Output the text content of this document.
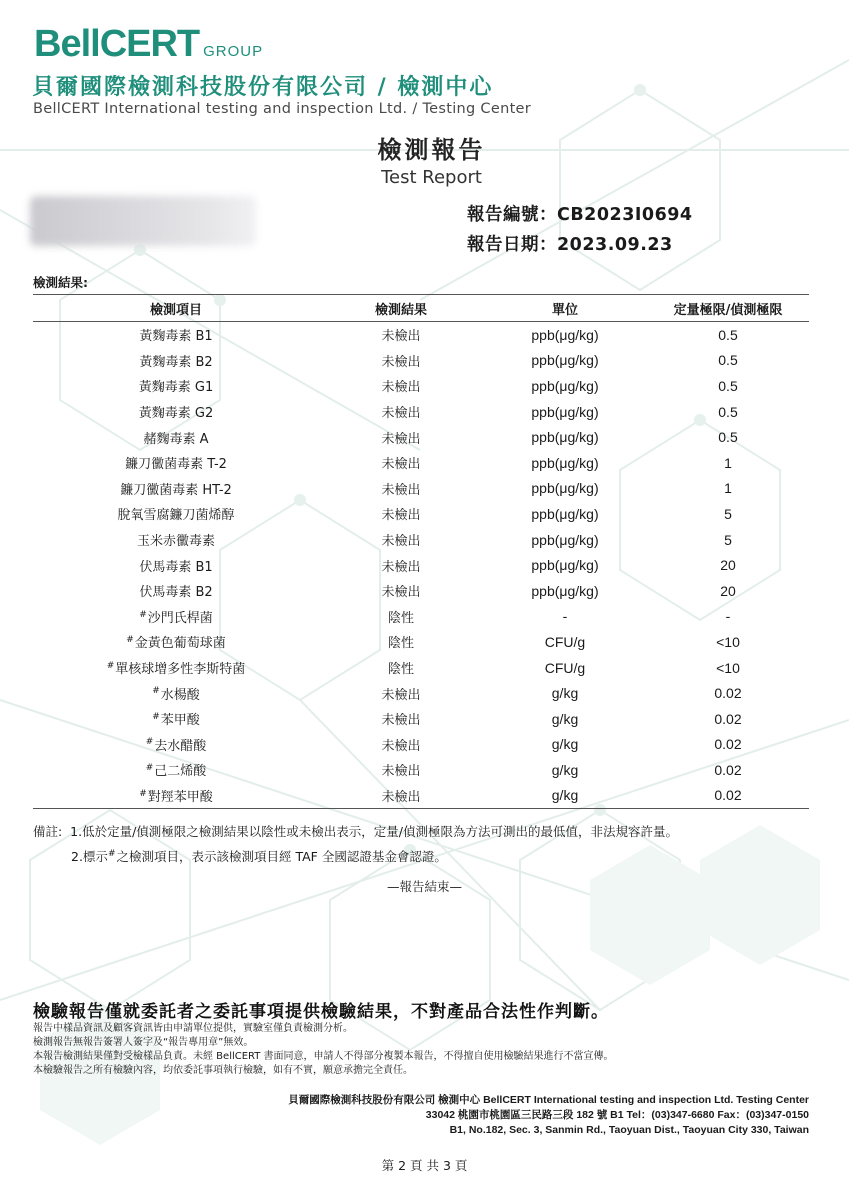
BellCERT GROUP
貝爾國際檢測科技股份有限公司 / 檢測中心
BellCERT International testing and inspection Ltd. / Testing Center
檢測報告
Test Report
報告編號：CB2023I0694
報告日期：2023.09.23
檢測結果:
檢測項目	檢測結果	單位	定量極限/偵測極限
黃麴毒素 B1	未檢出	ppb(μg/kg)	0.5
黃麴毒素 B2	未檢出	ppb(μg/kg)	0.5
黃麴毒素 G1	未檢出	ppb(μg/kg)	0.5
黃麴毒素 G2	未檢出	ppb(μg/kg)	0.5
赭麴毒素 A	未檢出	ppb(μg/kg)	0.5
鐮刀黴菌毒素 T-2	未檢出	ppb(μg/kg)	1
鐮刀黴菌毒素 HT-2	未檢出	ppb(μg/kg)	1
脫氧雪腐鐮刀菌烯醇	未檢出	ppb(μg/kg)	5
玉米赤黴毒素	未檢出	ppb(μg/kg)	5
伏馬毒素 B1	未檢出	ppb(μg/kg)	20
伏馬毒素 B2	未檢出	ppb(μg/kg)	20
#沙門氏桿菌	陰性	-	-
#金黃色葡萄球菌	陰性	CFU/g	<10
#單核球增多性李斯特菌	陰性	CFU/g	<10
#水楊酸	未檢出	g/kg	0.02
#苯甲酸	未檢出	g/kg	0.02
#去水醋酸	未檢出	g/kg	0.02
#己二烯酸	未檢出	g/kg	0.02
#對羥苯甲酸	未檢出	g/kg	0.02
備註: 1.低於定量/偵測極限之檢測結果以陰性或未檢出表示，定量/偵測極限為方法可測出的最低值，非法規容許量。
2.標示#之檢測項目，表示該檢測項目經 TAF 全國認證基金會認證。
—報告結束—
檢驗報告僅就委託者之委託事項提供檢驗結果，不對產品合法性作判斷。
報告中樣品資訊及顧客資訊皆由申請單位提供，實驗室僅負責檢測分析。
檢測報告無報告簽署人簽字及“報告專用章”無效。
本報告檢測結果僅對受檢樣品負責。未經 BellCERT 書面同意，申請人不得部分複製本報告，不得擅自使用檢驗結果進行不當宣傳。
本檢驗報告之所有檢驗內容，均依委託事項執行檢驗，如有不實，願意承擔完全責任。
貝爾國際檢測科技股份有限公司 檢測中心 BellCERT International testing and inspection Ltd. Testing Center
33042 桃園市桃園區三民路三段 182 號 B1 Tel：(03)347-6680 Fax：(03)347-0150
B1, No.182, Sec. 3, Sanmin Rd., Taoyuan Dist., Taoyuan City 330, Taiwan
第 2 頁 共 3 頁
